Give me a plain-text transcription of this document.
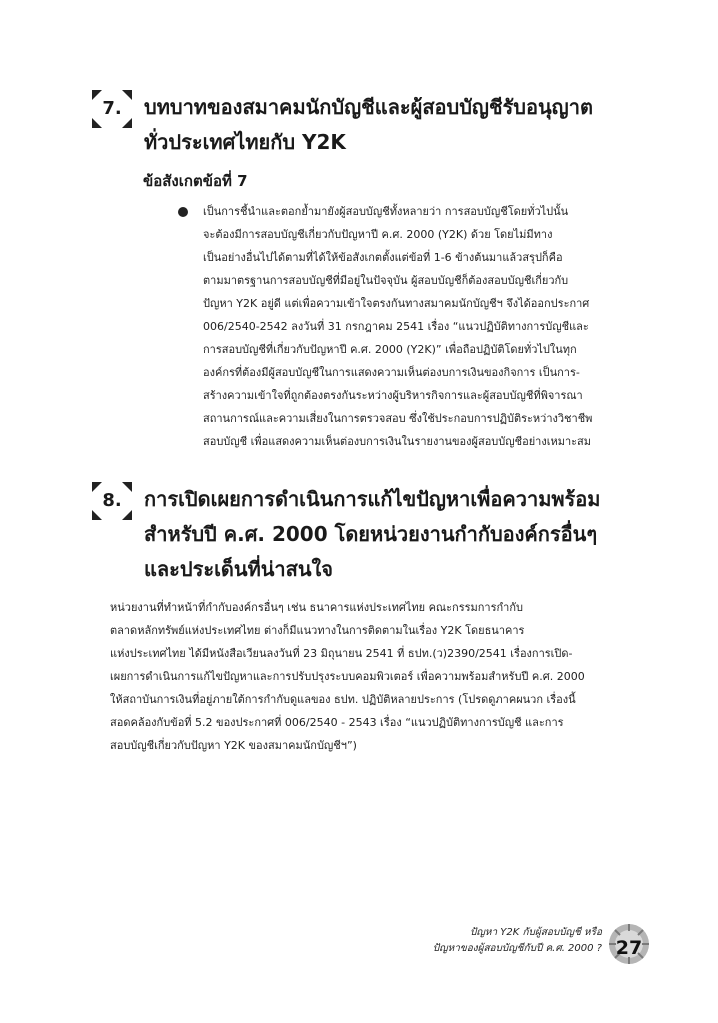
7.	บทบาทของสมาคมนักบัญชีและผู้สอบบัญชีรับอนุญาต
ทั่วประเทศไทยกับ Y2K
ข้อสังเกตข้อที่ 7
เป็นการชี้นำและตอกย้ำมายังผู้สอบบัญชีทั้งหลายว่า การสอบบัญชีโดยทั่วไปนั้น
จะต้องมีการสอบบัญชีเกี่ยวกับปัญหาปี ค.ศ. 2000 (Y2K) ด้วย โดยไม่มีทาง
เป็นอย่างอื่นไปได้ตามที่ได้ให้ข้อสังเกตตั้งแต่ข้อที่ 1-6 ข้างต้นมาแล้วสรุปก็คือ
ตามมาตรฐานการสอบบัญชีที่มีอยู่ในปัจจุบัน ผู้สอบบัญชีก็ต้องสอบบัญชีเกี่ยวกับ
ปัญหา Y2K อยู่ดี แต่เพื่อความเข้าใจตรงกันทางสมาคมนักบัญชีฯ จึงได้ออกประกาศ
006/2540-2542 ลงวันที่ 31 กรกฎาคม 2541 เรื่อง “แนวปฏิบัติทางการบัญชีและ
การสอบบัญชีที่เกี่ยวกับปัญหาปี ค.ศ. 2000 (Y2K)” เพื่อถือปฏิบัติโดยทั่วไปในทุก
องค์กรที่ต้องมีผู้สอบบัญชีในการแสดงความเห็นต่องบการเงินของกิจการ เป็นการ-
สร้างความเข้าใจที่ถูกต้องตรงกันระหว่างผู้บริหารกิจการและผู้สอบบัญชีที่พิจารณา
สถานการณ์และความเสี่ยงในการตรวจสอบ ซึ่งใช้ประกอบการปฏิบัติระหว่างวิชาชีพ
สอบบัญชี เพื่อแสดงความเห็นต่องบการเงินในรายงานของผู้สอบบัญชีอย่างเหมาะสม
8.	การเปิดเผยการดำเนินการแก้ไขปัญหาเพื่อความพร้อม
สำหรับปี ค.ศ. 2000 โดยหน่วยงานกำกับองค์กรอื่นๆ
และประเด็นที่น่าสนใจ
หน่วยงานที่ทำหน้าที่กำกับองค์กรอื่นๆ เช่น ธนาคารแห่งประเทศไทย คณะกรรมการกำกับ
ตลาดหลักทรัพย์แห่งประเทศไทย ต่างก็มีแนวทางในการติดตามในเรื่อง Y2K โดยธนาคาร
แห่งประเทศไทย ได้มีหนังสือเวียนลงวันที่ 23 มิถุนายน 2541 ที่ ธปท.(ว)2390/2541 เรื่องการเปิด-
เผยการดำเนินการแก้ไขปัญหาและการปรับปรุงระบบคอมพิวเตอร์ เพื่อความพร้อมสำหรับปี ค.ศ. 2000
ให้สถาบันการเงินที่อยู่ภายใต้การกำกับดูแลของ ธปท. ปฏิบัติหลายประการ (โปรดดูภาคผนวก เรื่องนี้
สอดคล้องกับข้อที่ 5.2 ของประกาศที่ 006/2540 - 2543 เรื่อง “แนวปฏิบัติทางการบัญชี และการ
สอบบัญชีเกี่ยวกับปัญหา Y2K ของสมาคมนักบัญชีฯ”)
ปัญหา Y2K กับผู้สอบบัญชี หรือ
ปัญหาของผู้สอบบัญชีกับปี ค.ศ. 2000 ? 27
